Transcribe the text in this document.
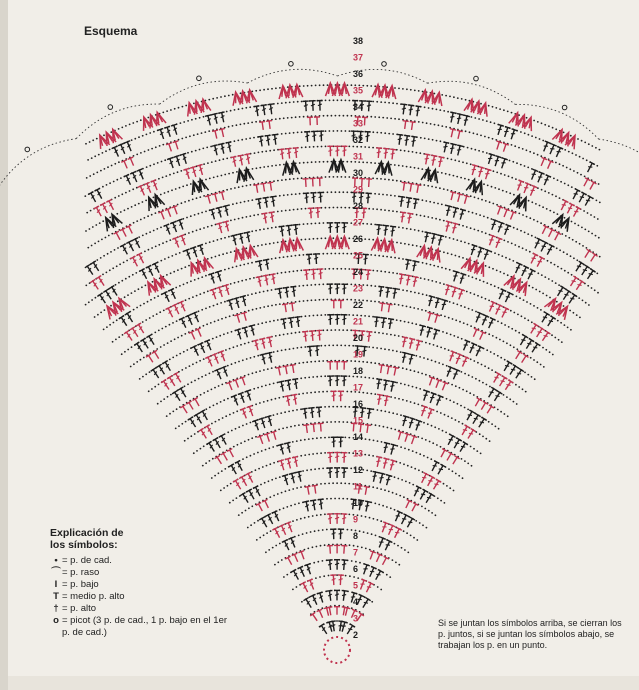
Esquema
2
3
4
5
6
7
8
9
10
11
12
13
14
15
16
17
18
19
20
21
22
23
24
25
26
27
28
29
30
31
32
33
34
35
36
37
38
Explicación de
los símbolos:
• = p. de cad.
⌒ = p. raso
I = p. bajo
T = medio p. alto
† = p. alto
o = picot (3 p. de cad., 1 p. bajo en el 1er p. de cad.)
Si se juntan los símbolos arriba, se cierran los p. juntos, si se juntan los símbolos abajo, se trabajan los p. en un punto.
